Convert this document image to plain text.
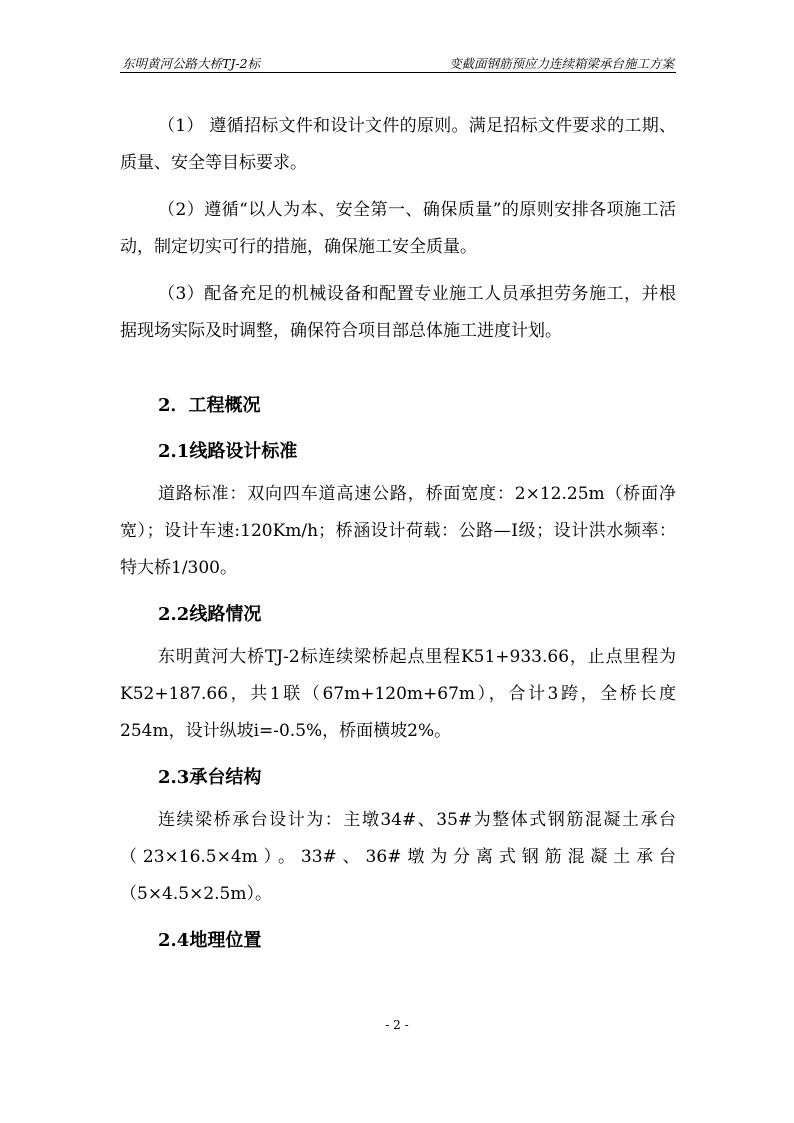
东明黄河公路大桥TJ-2标	变截面钢筋预应力连续箱梁承台施工方案

（1） 遵循招标文件和设计文件的原则。满足招标文件要求的工期、质量、安全等目标要求。

（2）遵循“以人为本、安全第一、确保质量”的原则安排各项施工活动，制定切实可行的措施，确保施工安全质量。

（3）配备充足的机械设备和配置专业施工人员承担劳务施工，并根据现场实际及时调整，确保符合项目部总体施工进度计划。

2．工程概况
2.1线路设计标准

道路标准：双向四车道高速公路，桥面宽度：2×12.25m（桥面净宽）；设计车速:120Km/h；桥涵设计荷载：公路—Ⅰ级；设计洪水频率：特大桥1/300。

2.2线路情况

东明黄河大桥TJ-2标连续梁桥起点里程K51+933.66，止点里程为K52+187.66，共1联（67m+120m+67m），合计3跨，全桥长度254m，设计纵坡i=-0.5%，桥面横坡2%。

2.3承台结构

连续梁桥承台设计为：主墩34#、35#为整体式钢筋混凝土承台（23×16.5×4m）。33#、36#墩为分离式钢筋混凝土承台（5×4.5×2.5m）。

2.4地理位置
- 2 -
